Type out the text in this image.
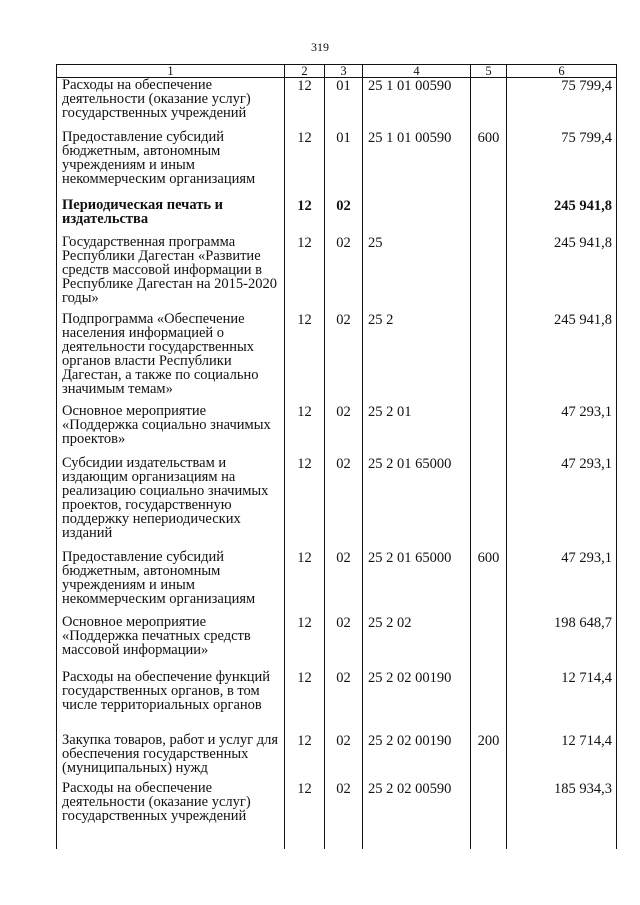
319
1	2	3	4	5	6
Расходы на обеспечение деятельности (оказание услуг) государственных учреждений	12	01	25 1 01 00590		75 799,4
Предоставление субсидий бюджетным, автономным учреждениям и иным некоммерческим организациям	12	01	25 1 01 00590	600	75 799,4
Периодическая печать и издательства	12	02			245 941,8
Государственная программа Республики Дагестан «Развитие средств массовой информации в Республике Дагестан на 2015-2020 годы»	12	02	25		245 941,8
Подпрограмма «Обеспечение населения информацией о деятельности государственных органов власти Республики Дагестан, а также по социально значимым темам»	12	02	25 2		245 941,8
Основное мероприятие «Поддержка социально значимых проектов»	12	02	25 2 01		47 293,1
Субсидии издательствам и издающим организациям на реализацию социально значимых проектов, государственную поддержку непериодических изданий	12	02	25 2 01 65000		47 293,1
Предоставление субсидий бюджетным, автономным учреждениям и иным некоммерческим организациям	12	02	25 2 01 65000	600	47 293,1
Основное мероприятие «Поддержка печатных средств массовой информации»	12	02	25 2 02		198 648,7
Расходы на обеспечение функций государственных органов, в том числе территориальных органов	12	02	25 2 02 00190		12 714,4
Закупка товаров, работ и услуг для обеспечения государственных (муниципальных) нужд	12	02	25 2 02 00190	200	12 714,4
Расходы на обеспечение деятельности (оказание услуг) государственных учреждений	12	02	25 2 02 00590		185 934,3
